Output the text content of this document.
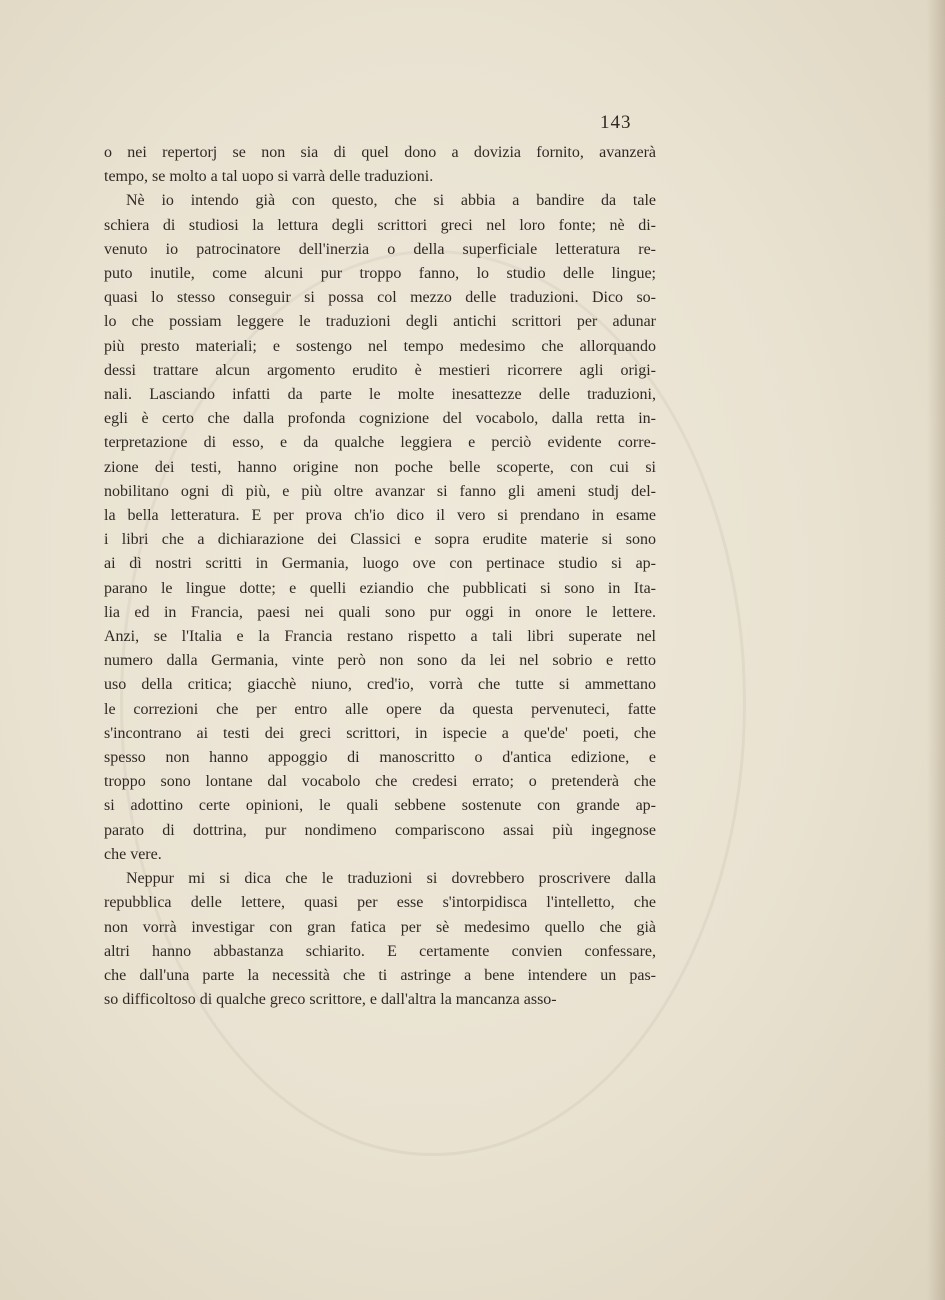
143
o nei repertorj se non sia di quel dono a dovizia fornito, avanzerà
tempo, se molto a tal uopo si varrà delle traduzioni.
Nè io intendo già con questo, che si abbia a bandire da tale
schiera di studiosi la lettura degli scrittori greci nel loro fonte; nè di-
venuto io patrocinatore dell'inerzia o della superficiale letteratura re-
puto inutile, come alcuni pur troppo fanno, lo studio delle lingue;
quasi lo stesso conseguir si possa col mezzo delle traduzioni. Dico so-
lo che possiam leggere le traduzioni degli antichi scrittori per adunar
più presto materiali; e sostengo nel tempo medesimo che allorquando
dessi trattare alcun argomento erudito è mestieri ricorrere agli origi-
nali. Lasciando infatti da parte le molte inesattezze delle traduzioni,
egli è certo che dalla profonda cognizione del vocabolo, dalla retta in-
terpretazione di esso, e da qualche leggiera e perciò evidente corre-
zione dei testi, hanno origine non poche belle scoperte, con cui si
nobilitano ogni dì più, e più oltre avanzar si fanno gli ameni studj del-
la bella letteratura. E per prova ch'io dico il vero si prendano in esame
i libri che a dichiarazione dei Classici e sopra erudite materie si sono
ai dì nostri scritti in Germania, luogo ove con pertinace studio si ap-
parano le lingue dotte; e quelli eziandio che pubblicati si sono in Ita-
lia ed in Francia, paesi nei quali sono pur oggi in onore le lettere.
Anzi, se l'Italia e la Francia restano rispetto a tali libri superate nel
numero dalla Germania, vinte però non sono da lei nel sobrio e retto
uso della critica; giacchè niuno, cred'io, vorrà che tutte si ammettano
le correzioni che per entro alle opere da questa pervenuteci, fatte
s'incontrano ai testi dei greci scrittori, in ispecie a que'de' poeti, che
spesso non hanno appoggio di manoscritto o d'antica edizione, e
troppo sono lontane dal vocabolo che credesi errato; o pretenderà che
si adottino certe opinioni, le quali sebbene sostenute con grande ap-
parato di dottrina, pur nondimeno compariscono assai più ingegnose
che vere.
Neppur mi si dica che le traduzioni si dovrebbero proscrivere dalla
repubblica delle lettere, quasi per esse s'intorpidisca l'intelletto, che
non vorrà investigar con gran fatica per sè medesimo quello che già
altri hanno abbastanza schiarito. E certamente convien confessare,
che dall'una parte la necessità che ti astringe a bene intendere un pas-
so difficoltoso di qualche greco scrittore, e dall'altra la mancanza asso-
